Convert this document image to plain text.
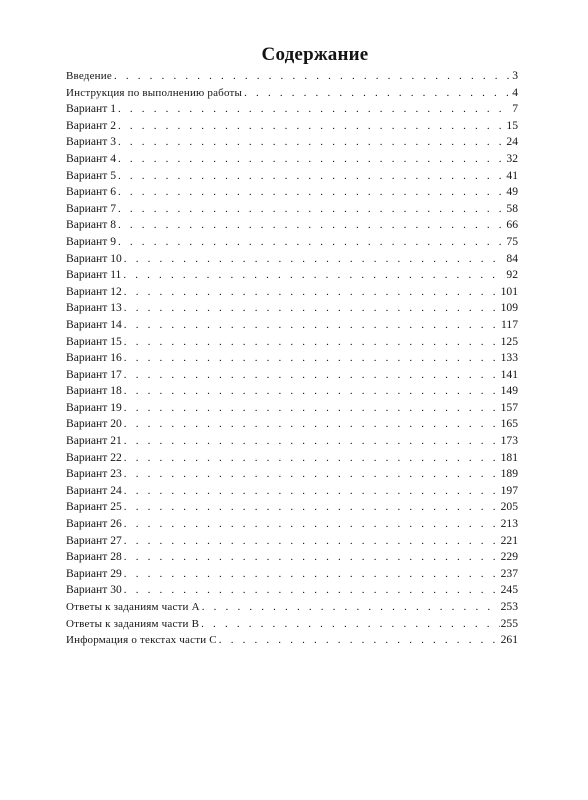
Содержание
Введение . . .	3
Инструкция по выполнению работы . . .	4
Вариант 1 . . .	7
Вариант 2 . . .	15
Вариант 3 . . .	24
Вариант 4 . . .	32
Вариант 5 . . .	41
Вариант 6 . . .	49
Вариант 7 . . .	58
Вариант 8 . . .	66
Вариант 9 . . .	75
Вариант 10 . . .	84
Вариант 11 . . .	92
Вариант 12 . . .	101
Вариант 13 . . .	109
Вариант 14 . . .	117
Вариант 15 . . .	125
Вариант 16 . . .	133
Вариант 17 . . .	141
Вариант 18 . . .	149
Вариант 19 . . .	157
Вариант 20 . . .	165
Вариант 21 . . .	173
Вариант 22 . . .	181
Вариант 23 . . .	189
Вариант 24 . . .	197
Вариант 25 . . .	205
Вариант 26 . . .	213
Вариант 27 . . .	221
Вариант 28 . . .	229
Вариант 29 . . .	237
Вариант 30 . . .	245
Ответы к заданиям части А . . .	253
Ответы к заданиям части В . . .	255
Информация о текстах части С . . .	261
